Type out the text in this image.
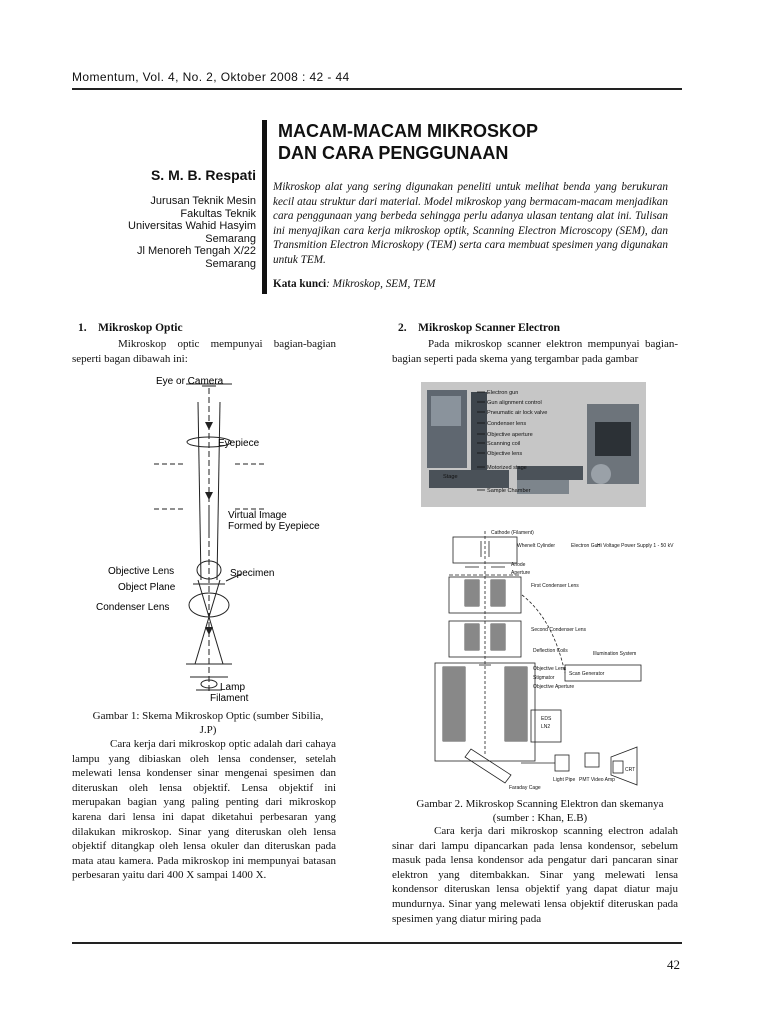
Momentum, Vol. 4, No. 2, Oktober 2008 : 42 - 44
MACAM-MACAM MIKROSKOP
DAN CARA PENGGUNAAN
S. M. B. Respati
Jurusan Teknik Mesin
Fakultas Teknik
Universitas Wahid Hasyim
Semarang
Jl Menoreh Tengah X/22
Semarang

Mikroskop alat yang sering digunakan peneliti untuk melihat benda yang berukuran kecil atau struktur dari material. Model mikroskop yang bermacam-macam menjadikan cara penggunaan yang berbeda sehingga perlu adanya ulasan tentang alat ini. Tulisan ini menyajikan cara kerja mikroskop optik, Scanning Electron Microscopy (SEM), dan Transmition Electron Microskopy (TEM) serta cara membuat spesimen yang digunakan untuk TEM.

Kata kunci: Mikroskop, SEM, TEM
1.    Mikroskop Optic

Mikroskop optic mempunyai bagian-bagian seperti bagan dibawah ini:

Eye or Camera
Eyepiece
Virtual Image
Formed by Eyepiece
Objective Lens	Specimen
Object Plane
Condenser Lens
Lamp
Filament

Gambar 1: Skema Mikroskop Optic (sumber Sibilia, J.P)

Cara kerja dari mikroskop optic adalah dari cahaya lampu yang dibiaskan oleh lensa condenser, setelah melewati lensa kondenser sinar mengenai spesimen dan diteruskan oleh lensa objektif. Lensa objektif ini merupakan bagian yang paling penting dari mikroskop karena dari lensa ini dapat diketahui perbesaran yang dilakukan mikroskop. Sinar yang diteruskan oleh lensa objektif ditangkap oleh lensa okuler dan diteruskan pada mata atau kamera. Pada mikroskop ini mempunyai batasan perbesaran yaitu dari 400 X sampai 1400 X.

2.    Mikroskop Scanner Electron

Pada mikroskop scanner elektron mempunyai bagian-bagian seperti pada skema yang tergambar pada gambar

Electron gun
Gun alignment control
Pneumatic air lock valve
Condenser lens
Objective aperture
Scanning coil
Objective lens
Motorized stage
Stage
Sample Chamber
Cathode (Filament)
Whenelt Cylinder	Electron Gun
Hi Voltage Power Supply 1 - 50 kV
Anode
Aperture
First Condenser Lens
Second Condenser Lens
Deflection Coils	Illumination System
Scan Generator
Objective Lens
Stigmator
Objective Aperture
EDS
LN2
Faraday Cage
Light Pipe PMT Video Amp
CRT

Gambar 2. Mikroskop Scanning Elektron dan skemanya (sumber : Khan, E.B)

Cara kerja dari mikroskop scanning electron adalah sinar dari lampu dipancarkan pada lensa kondensor, sebelum masuk pada lensa kondensor ada pengatur dari pancaran sinar elektron yang ditembakkan. Sinar yang melewati lensa kondensor diteruskan lensa objektif yang dapat diatur maju mundurnya. Sinar yang melewati lensa objektif diteruskan pada spesimen yang diatur miring pada

42
